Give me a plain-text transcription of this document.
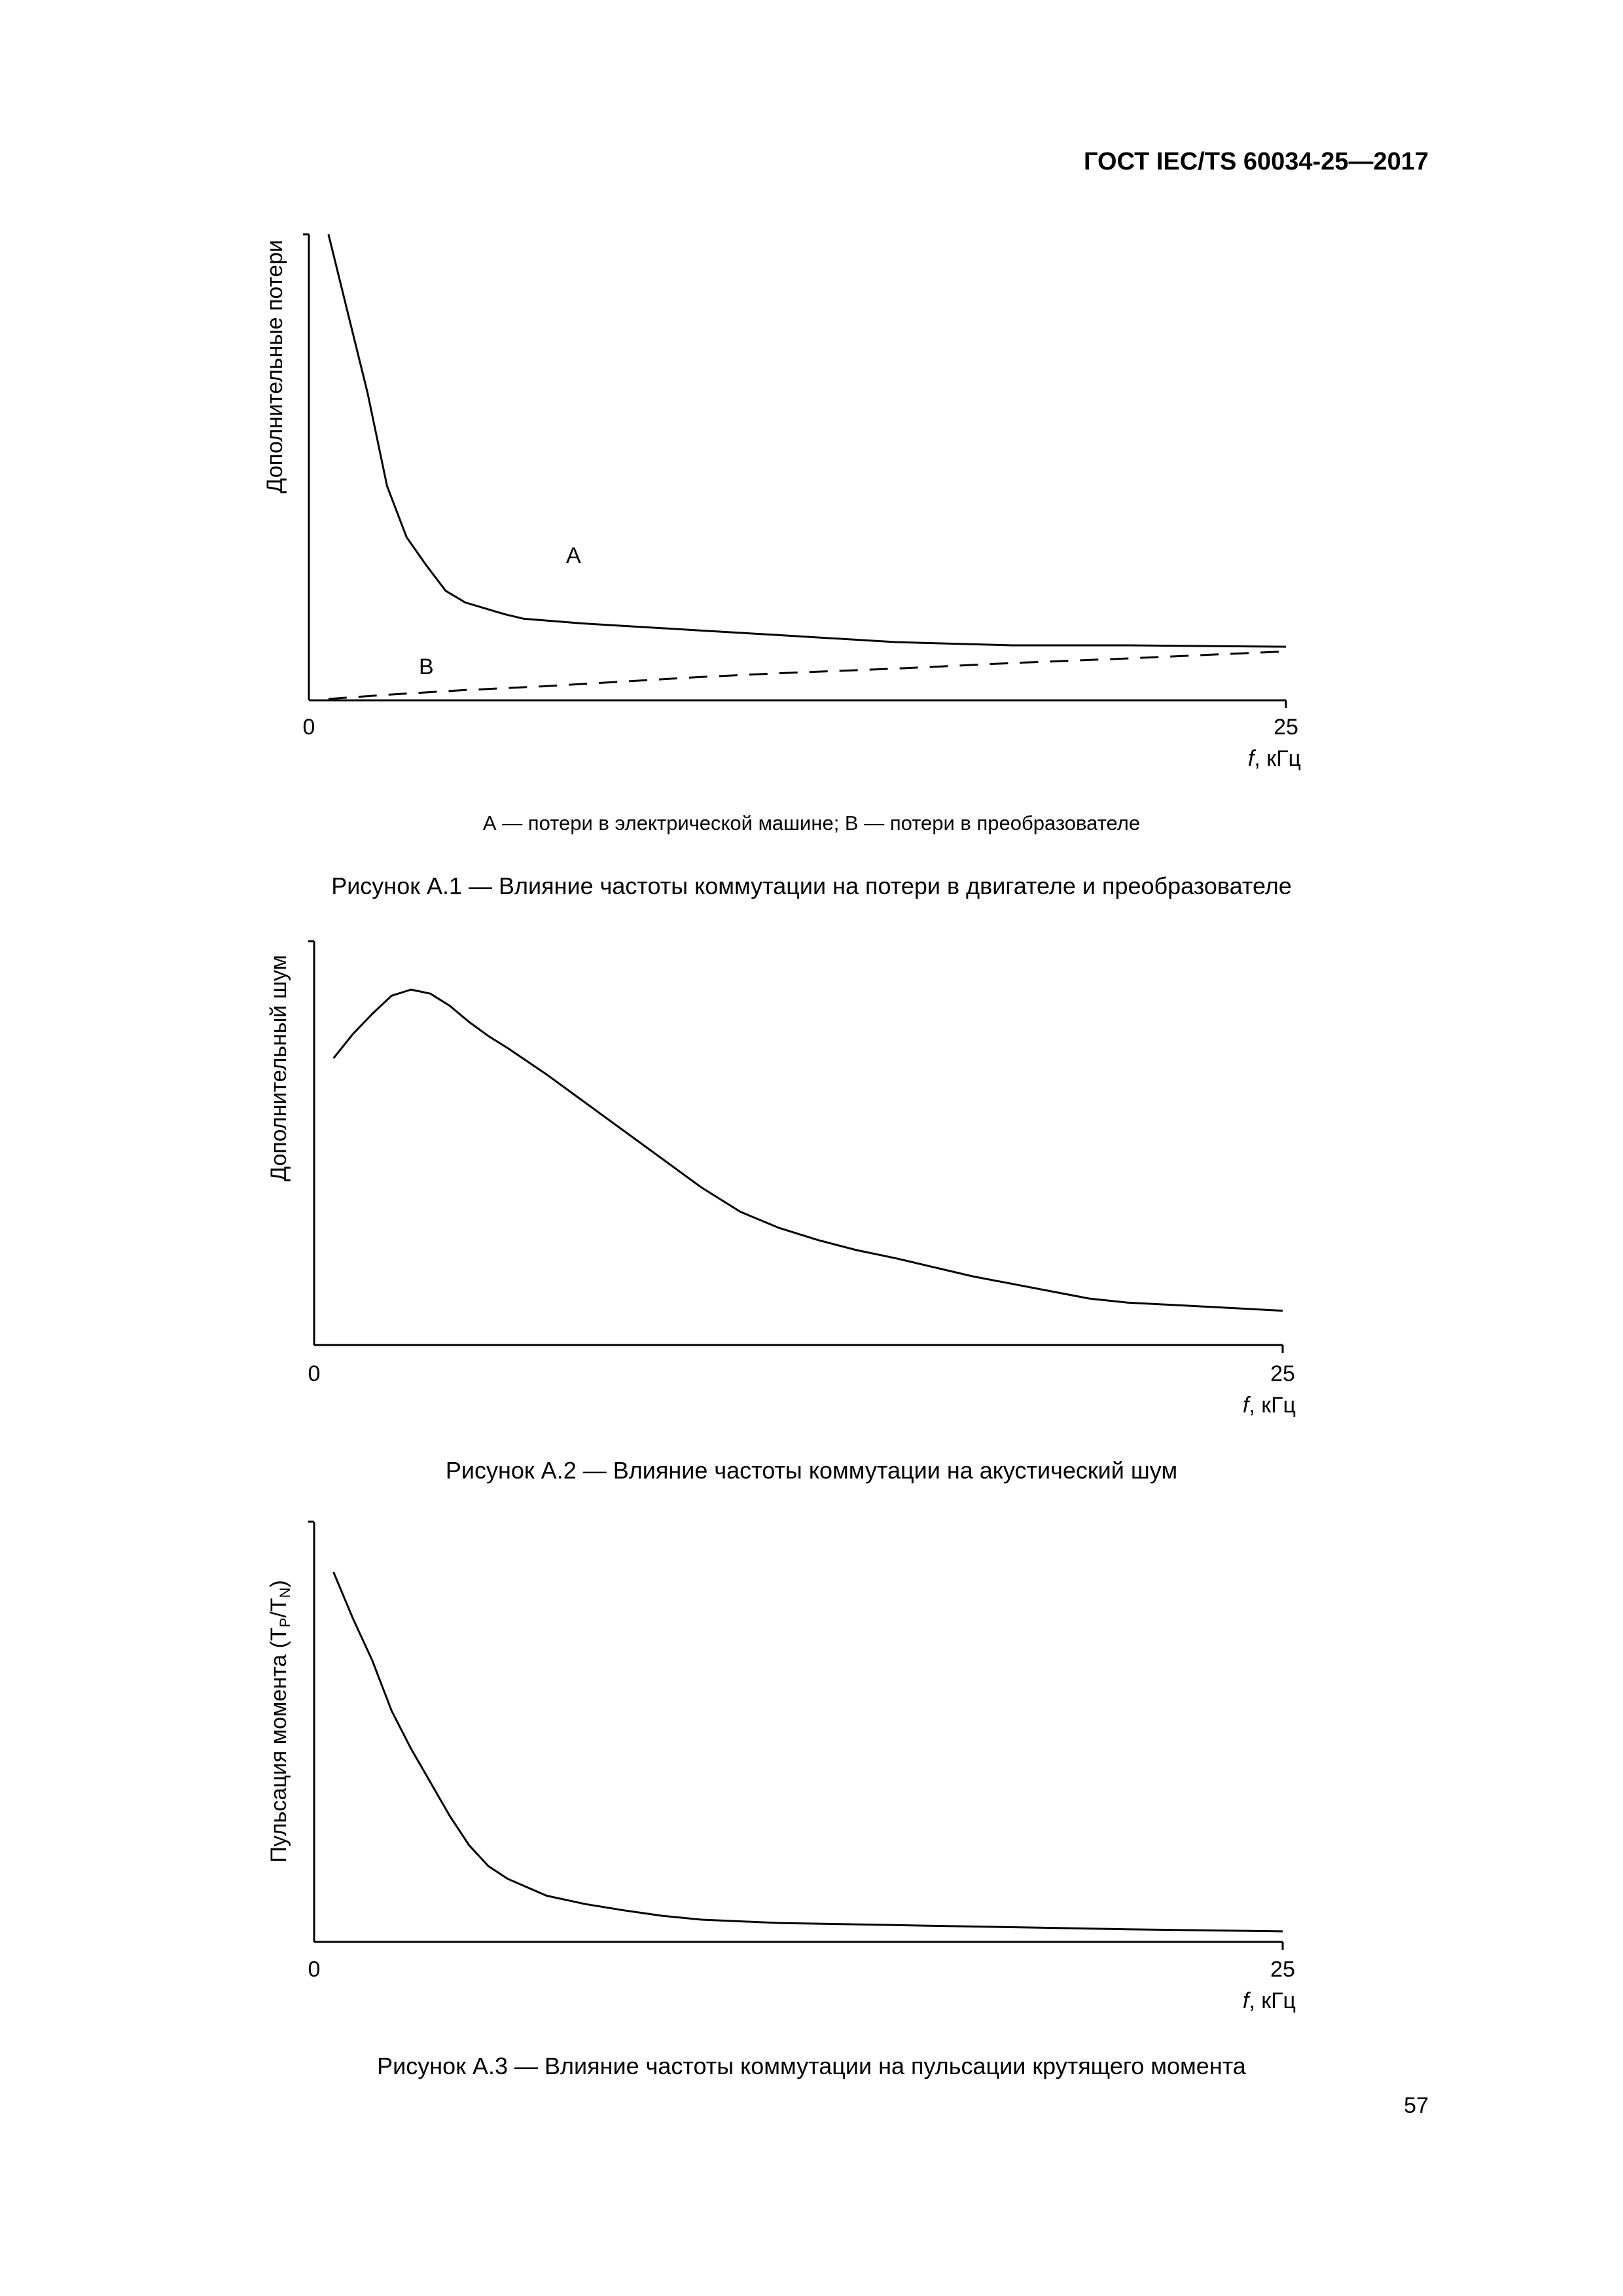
ГОСТ IEC/TS 60034-25—2017
Дополнительные потери
0	25
f, кГц
A
B
Дополнительный шум
0	25
f, кГц
Пульсация момента (TP/TN)
0	25
f, кГц
А — потери в электрической машине; В — потери в преобразователе
Рисунок А.1 — Влияние частоты коммутации на потери в двигателе и преобразователе
Рисунок А.2 — Влияние частоты коммутации на акустический шум
Рисунок А.3 — Влияние частоты коммутации на пульсации крутящего момента
57
